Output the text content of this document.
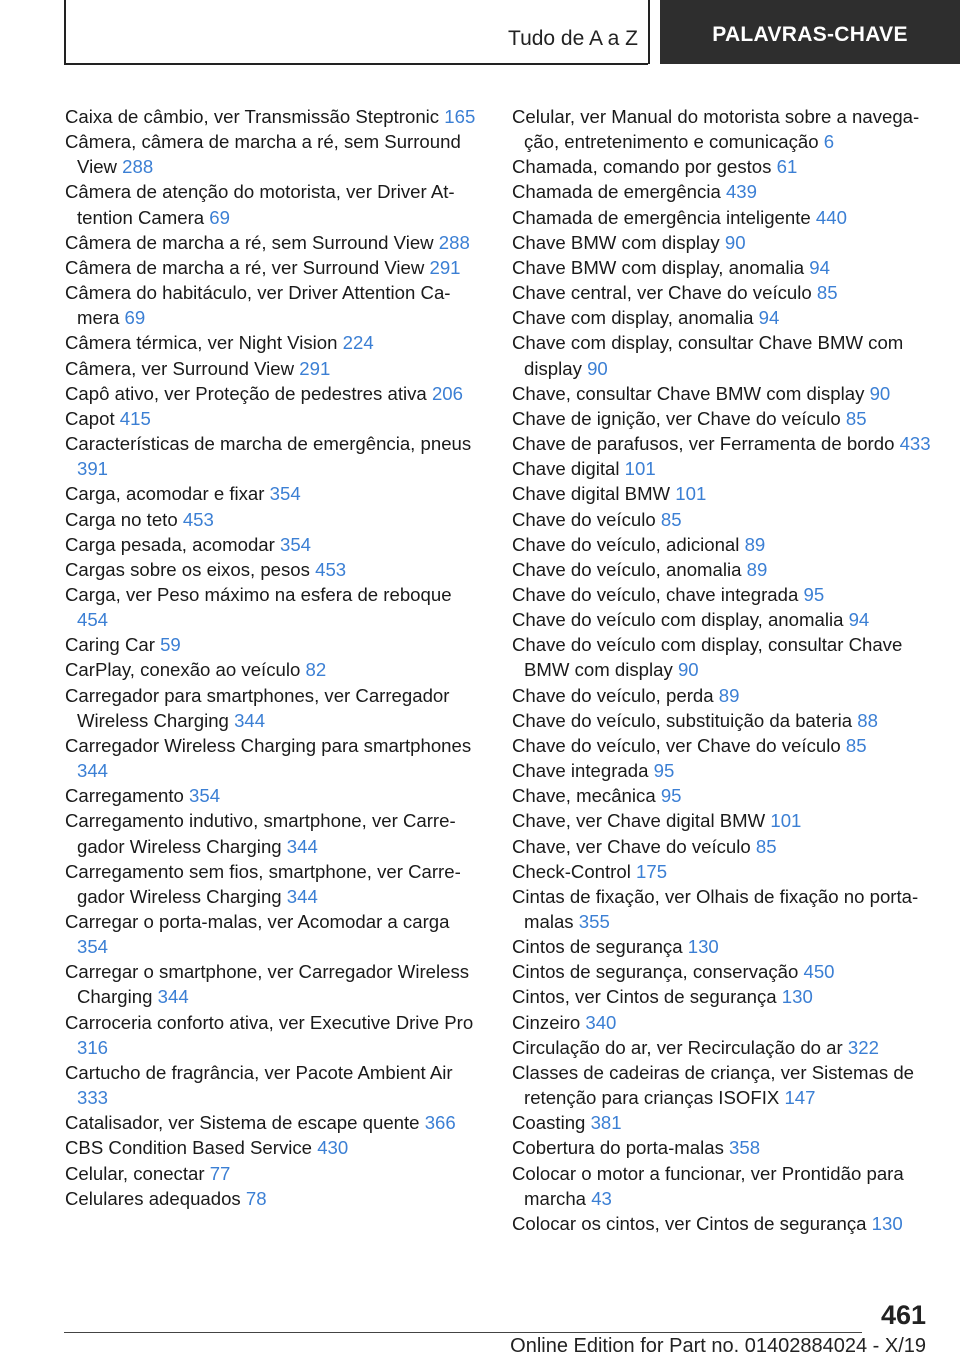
Tudo de A a Z	PALAVRAS-CHAVE
Caixa de câmbio, ver Transmissão Steptronic 165
Câmera, câmera de marcha a ré, sem Surround View 288
Câmera de atenção do motorista, ver Driver Attention Camera 69
Câmera de marcha a ré, sem Surround View 288
Câmera de marcha a ré, ver Surround View 291
Câmera do habitáculo, ver Driver Attention Camera 69
Câmera térmica, ver Night Vision 224
Câmera, ver Surround View 291
Capô ativo, ver Proteção de pedestres ativa 206
Capot 415
Características de marcha de emergência, pneus 391
Carga, acomodar e fixar 354
Carga no teto 453
Carga pesada, acomodar 354
Cargas sobre os eixos, pesos 453
Carga, ver Peso máximo na esfera de reboque 454
Caring Car 59
CarPlay, conexão ao veículo 82
Carregador para smartphones, ver Carregador Wireless Charging 344
Carregador Wireless Charging para smartphones 344
Carregamento 354
Carregamento indutivo, smartphone, ver Carregador Wireless Charging 344
Carregamento sem fios, smartphone, ver Carregador Wireless Charging 344
Carregar o porta-malas, ver Acomodar a carga 354
Carregar o smartphone, ver Carregador Wireless Charging 344
Carroceria conforto ativa, ver Executive Drive Pro 316
Cartucho de fragrância, ver Pacote Ambient Air 333
Catalisador, ver Sistema de escape quente 366
CBS Condition Based Service 430
Celular, conectar 77
Celulares adequados 78
Celular, ver Manual do motorista sobre a navegação, entretenimento e comunicação 6
Chamada, comando por gestos 61
Chamada de emergência 439
Chamada de emergência inteligente 440
Chave BMW com display 90
Chave BMW com display, anomalia 94
Chave central, ver Chave do veículo 85
Chave com display, anomalia 94
Chave com display, consultar Chave BMW com display 90
Chave, consultar Chave BMW com display 90
Chave de ignição, ver Chave do veículo 85
Chave de parafusos, ver Ferramenta de bordo 433
Chave digital 101
Chave digital BMW 101
Chave do veículo 85
Chave do veículo, adicional 89
Chave do veículo, anomalia 89
Chave do veículo, chave integrada 95
Chave do veículo com display, anomalia 94
Chave do veículo com display, consultar Chave BMW com display 90
Chave do veículo, perda 89
Chave do veículo, substituição da bateria 88
Chave do veículo, ver Chave do veículo 85
Chave integrada 95
Chave, mecânica 95
Chave, ver Chave digital BMW 101
Chave, ver Chave do veículo 85
Check-Control 175
Cintas de fixação, ver Olhais de fixação no porta-malas 355
Cintos de segurança 130
Cintos de segurança, conservação 450
Cintos, ver Cintos de segurança 130
Cinzeiro 340
Circulação do ar, ver Recirculação do ar 322
Classes de cadeiras de criança, ver Sistemas de retenção para crianças ISOFIX 147
Coasting 381
Cobertura do porta-malas 358
Colocar o motor a funcionar, ver Prontidão para marcha 43
Colocar os cintos, ver Cintos de segurança 130
461
Online Edition for Part no. 01402884024 - X/19
